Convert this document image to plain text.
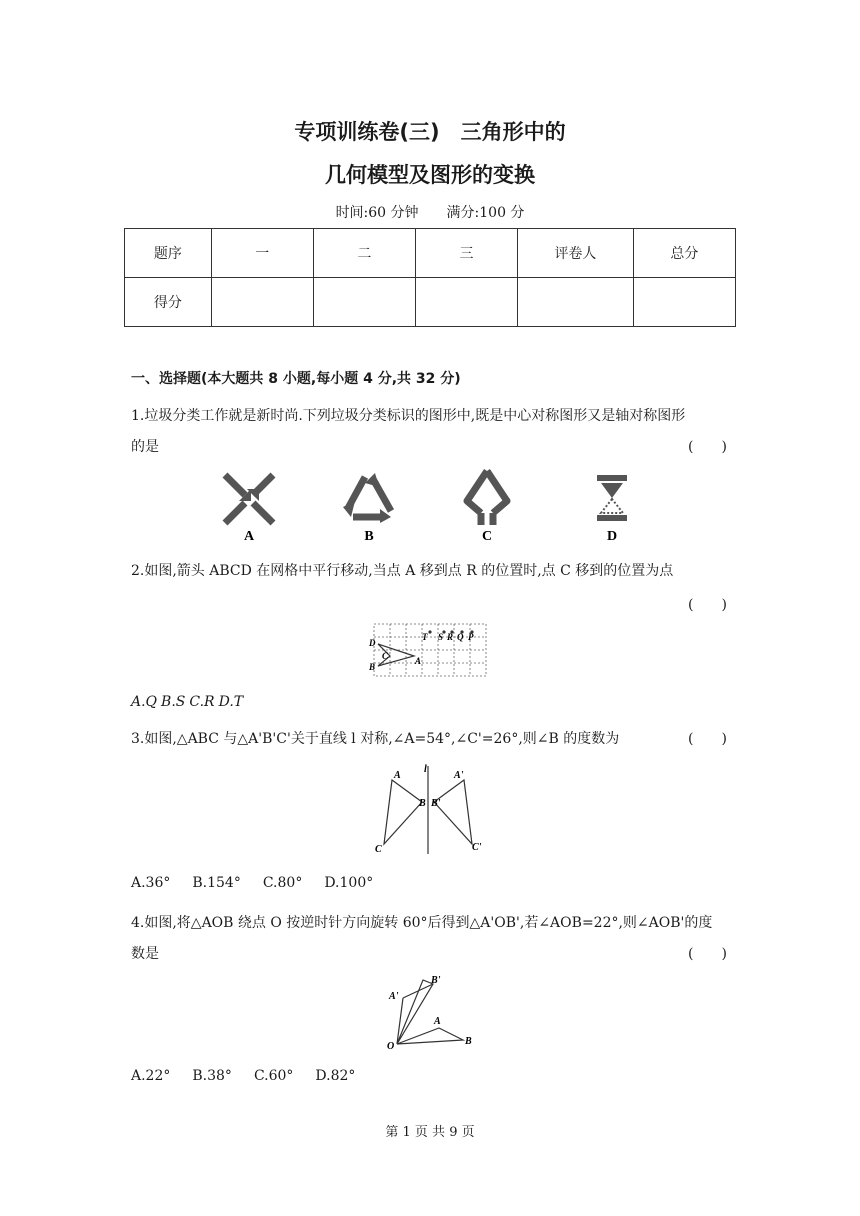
专项训练卷(三)　三角形中的
几何模型及图形的变换
时间:60 分钟　　满分:100 分
题序	一	二	三	评卷人	总分
得分					
一、选择题(本大题共 8 小题,每小题 4 分,共 32 分)
1.垃圾分类工作就是新时尚.下列垃圾分类标识的图形中,既是中心对称图形又是轴对称图形
的是	(　　)
A	B	C	D
2.如图,箭头 ABCD 在网格中平行移动,当点 A 移到点 R 的位置时,点 C 移到的位置为点
(　　)
D
C
B
A
T S R Q P
A.Q B.S C.R D.T
3.如图,△ABC 与△A'B'C'关于直线 l 对称,∠A=54°,∠C'=26°,则∠B 的度数为	(　　)
l
A
B
C
A'
B'
C'
A.36° B.154° C.80° D.100°
4.如图,将△AOB 绕点 O 按逆时针方向旋转 60°后得到△A'OB',若∠AOB=22°,则∠AOB'的度
数是	(　　)
B'
A'
A
O	B
A.22° B.38° C.60° D.82°
第 1 页 共 9 页
